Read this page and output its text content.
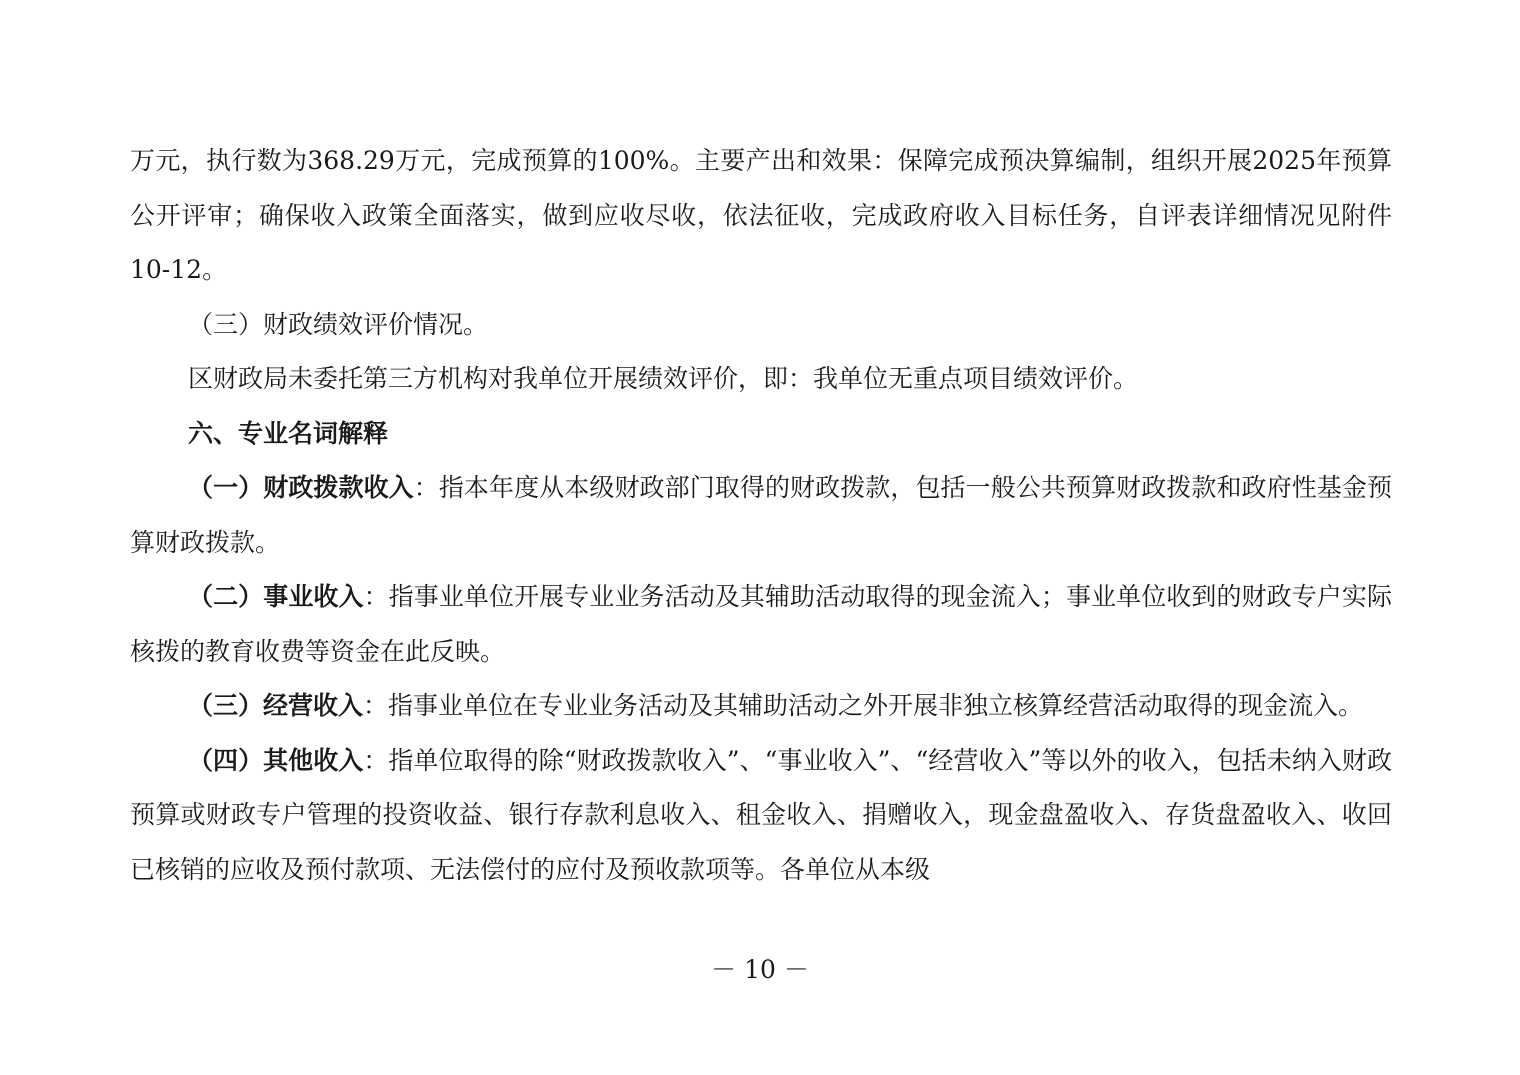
万元，执行数为368.29万元，完成预算的100%。主要产出和效果：保障完成预决算编制，组织开展2025年预算公开评审；确保收入政策全面落实，做到应收尽收，依法征收，完成政府收入目标任务，自评表详细情况见附件10-12。

（三）财政绩效评价情况。

区财政局未委托第三方机构对我单位开展绩效评价，即：我单位无重点项目绩效评价。

六、专业名词解释

（一）财政拨款收入：指本年度从本级财政部门取得的财政拨款，包括一般公共预算财政拨款和政府性基金预算财政拨款。

（二）事业收入：指事业单位开展专业业务活动及其辅助活动取得的现金流入；事业单位收到的财政专户实际核拨的教育收费等资金在此反映。

（三）经营收入：指事业单位在专业业务活动及其辅助活动之外开展非独立核算经营活动取得的现金流入。

（四）其他收入：指单位取得的除“财政拨款收入”、“事业收入”、“经营收入”等以外的收入，包括未纳入财政预算或财政专户管理的投资收益、银行存款利息收入、租金收入、捐赠收入，现金盘盈收入、存货盘盈收入、收回已核销的应收及预付款项、无法偿付的应付及预收款项等。各单位从本级

－ 10 －
